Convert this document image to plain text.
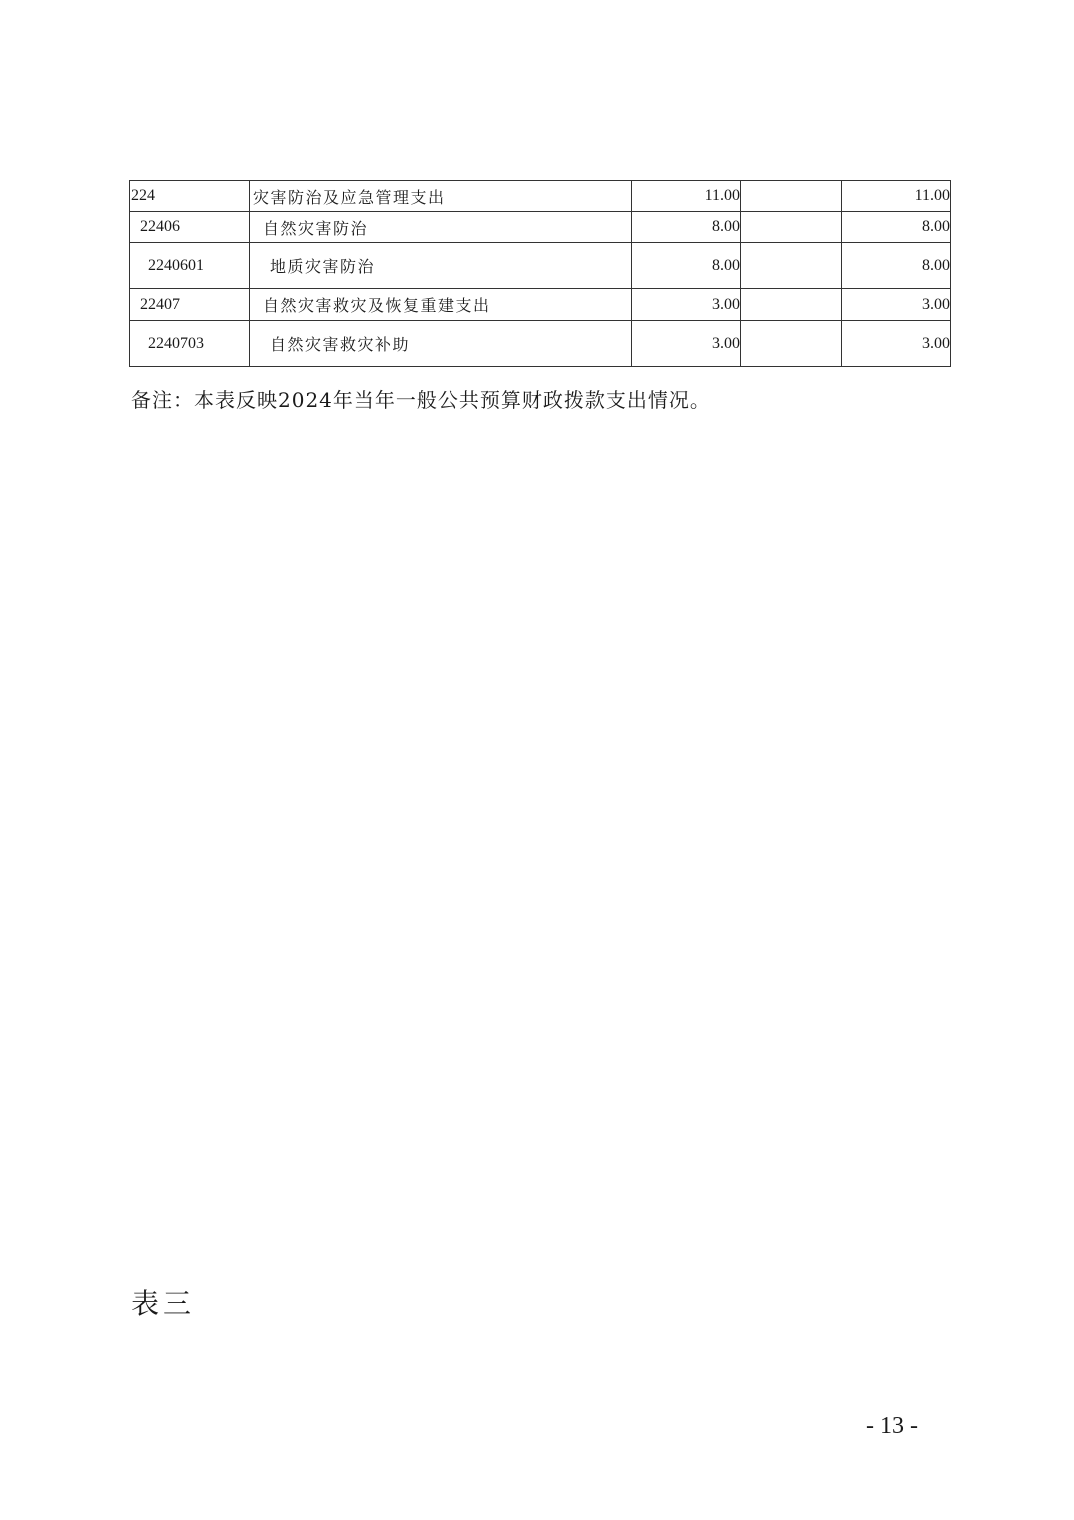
224	灾害防治及应急管理支出	11.00		11.00
22406	自然灾害防治	8.00		8.00
2240601	地质灾害防治	8.00		8.00
22407	自然灾害救灾及恢复重建支出	3.00		3.00
2240703	自然灾害救灾补助	3.00		3.00
备注：本表反映2024年当年一般公共预算财政拨款支出情况。
表三
- 13 -
